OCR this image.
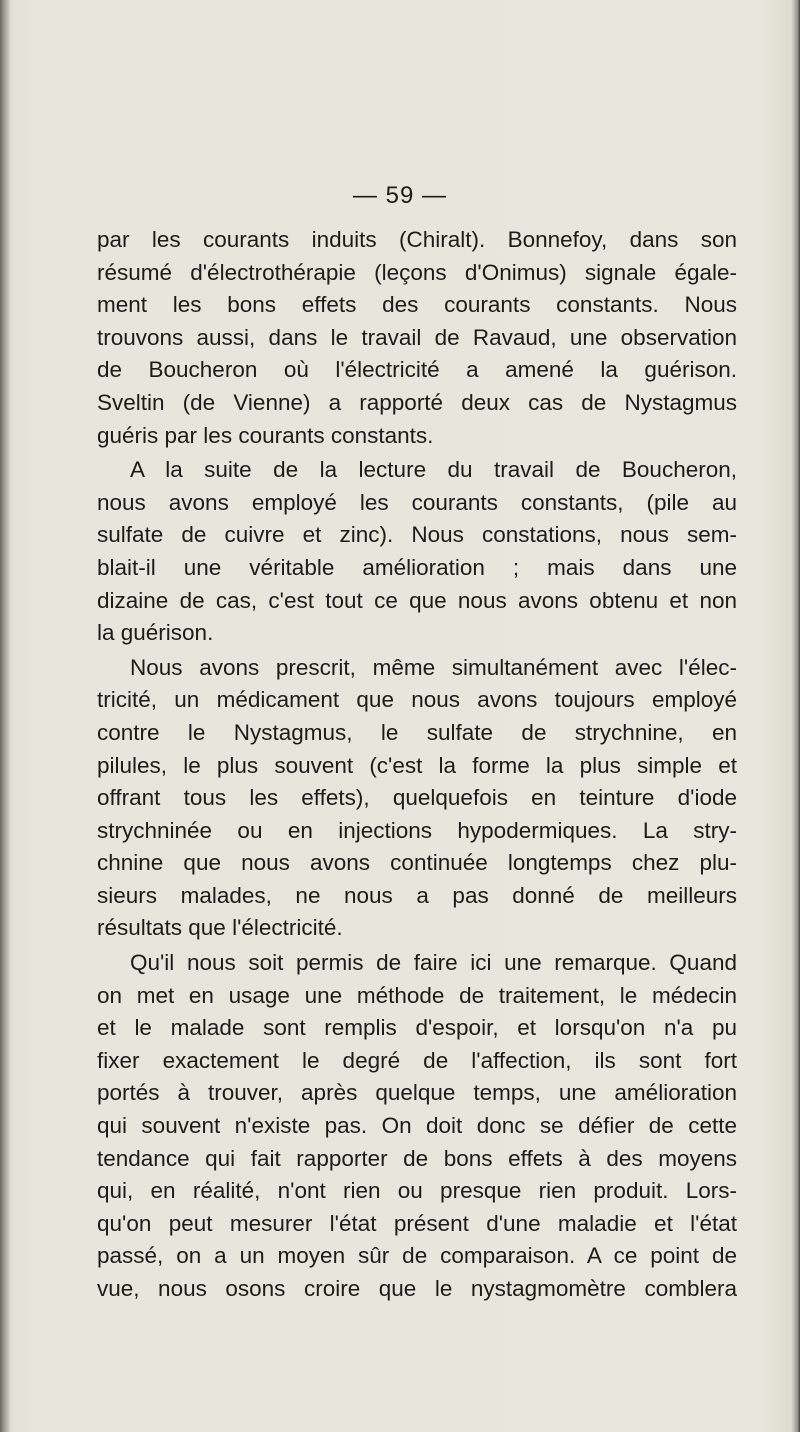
— 59 —
par les courants induits (Chiralt). Bonnefoy, dans son
résumé d'électrothérapie (leçons d'Onimus) signale égale-
ment les bons effets des courants constants. Nous
trouvons aussi, dans le travail de Ravaud, une observation
de Boucheron où l'électricité a amené la guérison.
Sveltin (de Vienne) a rapporté deux cas de Nystagmus
guéris par les courants constants.
A la suite de la lecture du travail de Boucheron,
nous avons employé les courants constants, (pile au
sulfate de cuivre et zinc). Nous constations, nous sem-
blait-il une véritable amélioration ; mais dans une
dizaine de cas, c'est tout ce que nous avons obtenu et non
la guérison.
Nous avons prescrit, même simultanément avec l'élec-
tricité, un médicament que nous avons toujours employé
contre le Nystagmus, le sulfate de strychnine, en
pilules, le plus souvent (c'est la forme la plus simple et
offrant tous les effets), quelquefois en teinture d'iode
strychninée ou en injections hypodermiques. La stry-
chnine que nous avons continuée longtemps chez plu-
sieurs malades, ne nous a pas donné de meilleurs
résultats que l'électricité.
Qu'il nous soit permis de faire ici une remarque. Quand
on met en usage une méthode de traitement, le médecin
et le malade sont remplis d'espoir, et lorsqu'on n'a pu
fixer exactement le degré de l'affection, ils sont fort
portés à trouver, après quelque temps, une amélioration
qui souvent n'existe pas. On doit donc se défier de cette
tendance qui fait rapporter de bons effets à des moyens
qui, en réalité, n'ont rien ou presque rien produit. Lors-
qu'on peut mesurer l'état présent d'une maladie et l'état
passé, on a un moyen sûr de comparaison. A ce point de
vue, nous osons croire que le nystagmomètre comblera
